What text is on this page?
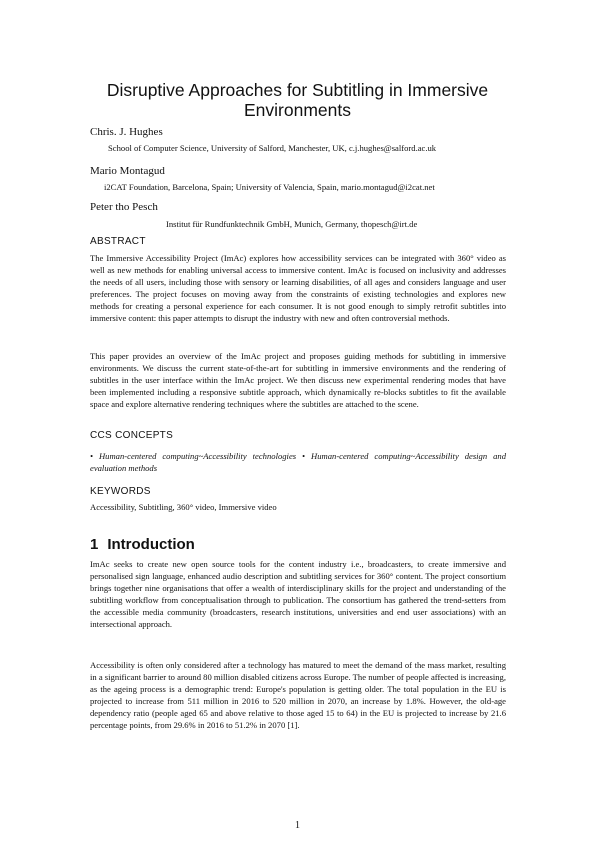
Disruptive Approaches for Subtitling in Immersive Environments
Chris. J. Hughes
School of Computer Science, University of Salford, Manchester, UK, c.j.hughes@salford.ac.uk
Mario Montagud
i2CAT Foundation, Barcelona, Spain; University of Valencia, Spain, mario.montagud@i2cat.net
Peter tho Pesch
Institut für Rundfunktechnik GmbH, Munich, Germany, thopesch@irt.de
ABSTRACT

The Immersive Accessibility Project (ImAc) explores how accessibility services can be integrated with 360° video as well as new methods for enabling universal access to immersive content. ImAc is focused on inclusivity and addresses the needs of all users, including those with sensory or learning disabilities, of all ages and considers language and user preferences. The project focuses on moving away from the constraints of existing technologies and explores new methods for creating a personal experience for each consumer. It is not good enough to simply retrofit subtitles into immersive content: this paper attempts to disrupt the industry with new and often controversial methods.

This paper provides an overview of the ImAc project and proposes guiding methods for subtitling in immersive environments. We discuss the current state-of-the-art for subtitling in immersive environments and the rendering of subtitles in the user interface within the ImAc project. We then discuss new experimental rendering modes that have been implemented including a responsive subtitle approach, which dynamically re-blocks subtitles to fit the available space and explore alternative rendering techniques where the subtitles are attached to the scene.

CCS CONCEPTS

• Human-centered computing~Accessibility technologies • Human-centered computing~Accessibility design and evaluation methods

KEYWORDS

Accessibility, Subtitling, 360° video, Immersive video

1 Introduction

ImAc seeks to create new open source tools for the content industry i.e., broadcasters, to create immersive and personalised sign language, enhanced audio description and subtitling services for 360° content. The project consortium brings together nine organisations that offer a wealth of interdisciplinary skills for the project and understanding of the subtitling workflow from conceptualisation through to publication. The consortium has gathered the trend-setters from the accessible media community (broadcasters, research institutions, universities and end user associations) with an intersectional approach.

Accessibility is often only considered after a technology has matured to meet the demand of the mass market, resulting in a significant barrier to around 80 million disabled citizens across Europe. The number of people affected is increasing, as the ageing process is a demographic trend: Europe's population is getting older. The total population in the EU is projected to increase from 511 million in 2016 to 520 million in 2070, an increase by 1.8%. However, the old-age dependency ratio (people aged 65 and above relative to those aged 15 to 64) in the EU is projected to increase by 21.6 percentage points, from 29.6% in 2016 to 51.2% in 2070 [1].

1
